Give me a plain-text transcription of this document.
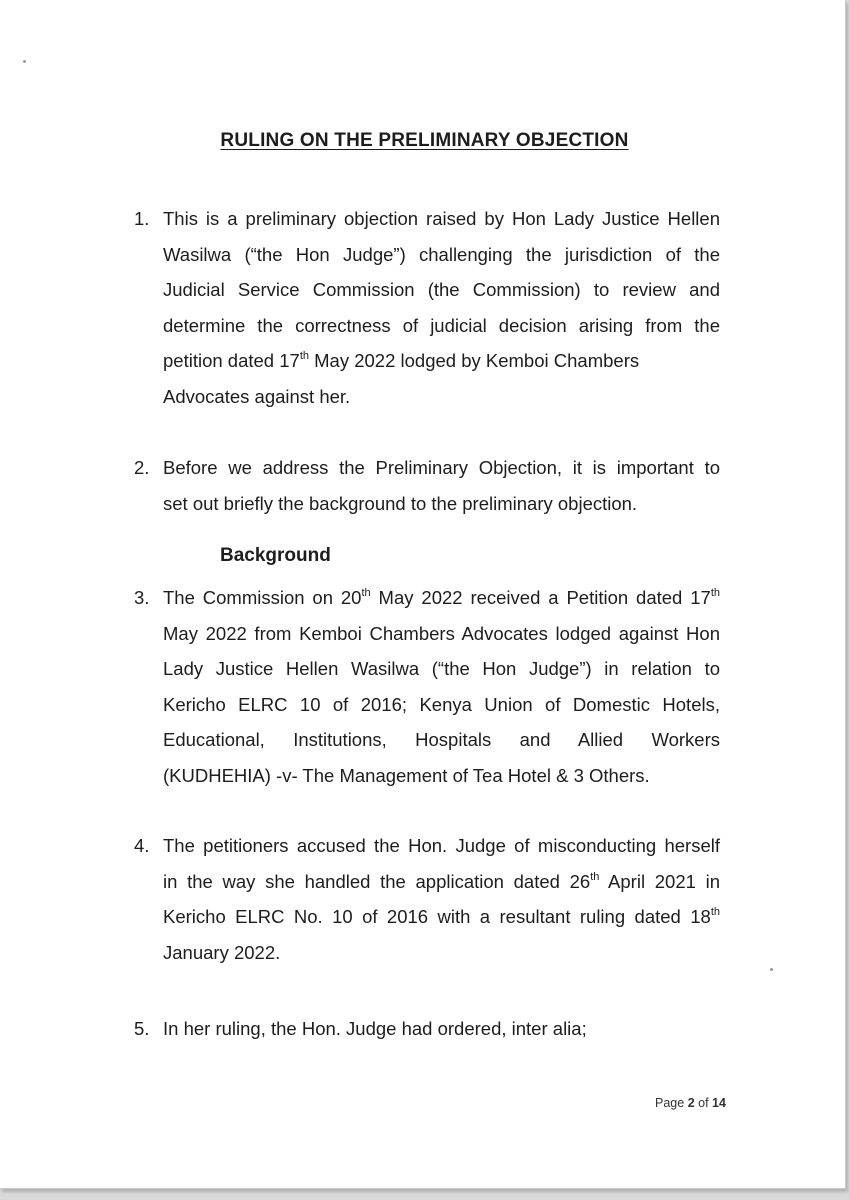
RULING ON THE PRELIMINARY OBJECTION
1. This is a preliminary objection raised by Hon Lady Justice Hellen
Wasilwa (“the Hon Judge”) challenging the jurisdiction of the
Judicial Service Commission (the Commission) to review and
determine the correctness of judicial decision arising from the
petition dated 17th May 2022 lodged by Kemboi Chambers
Advocates against her.
2. Before we address the Preliminary Objection, it is important to
set out briefly the background to the preliminary objection.
Background
3. The Commission on 20th May 2022 received a Petition dated 17th
May 2022 from Kemboi Chambers Advocates lodged against Hon
Lady Justice Hellen Wasilwa (“the Hon Judge”) in relation to
Kericho ELRC 10 of 2016; Kenya Union of Domestic Hotels,
Educational, Institutions, Hospitals and Allied Workers
(KUDHEHIA) -v- The Management of Tea Hotel & 3 Others.
4. The petitioners accused the Hon. Judge of misconducting herself
in the way she handled the application dated 26th April 2021 in
Kericho ELRC No. 10 of 2016 with a resultant ruling dated 18th
January 2022.
5. In her ruling, the Hon. Judge had ordered, inter alia;
Page 2 of 14
